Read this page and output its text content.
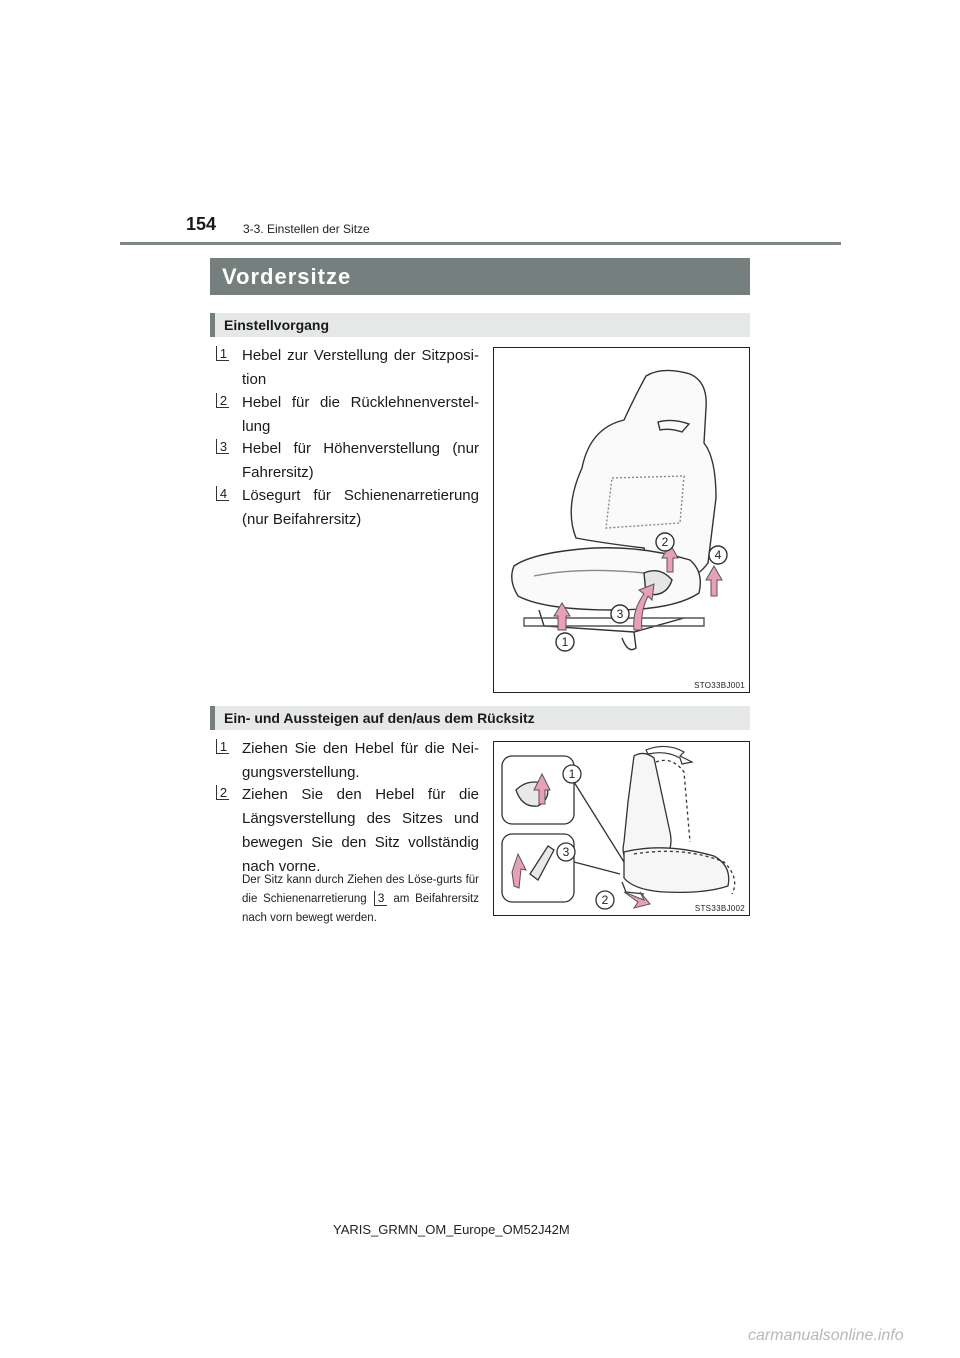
154 3-3. Einstellen der Sitze
Vordersitze
Einstellvorgang
1 Hebel zur Verstellung der Sitzposi-tion
2 Hebel für die Rücklehnenverstel-lung
3 Hebel für Höhenverstellung (nur Fahrersitz)
4 Lösegurt für Schienenarretierung (nur Beifahrersitz)
1
2
3
4
STO33BJ001
Ein- und Aussteigen auf den/aus dem Rücksitz
1 Ziehen Sie den Hebel für die Nei-gungsverstellung.
2 Ziehen Sie den Hebel für die Längsverstellung des Sitzes und bewegen Sie den Sitz vollständig nach vorne.
Der Sitz kann durch Ziehen des Löse-gurts für die Schienenarretierung 3 am Beifahrersitz nach vorn bewegt werden.
1
2
3
STS33BJ002
YARIS_GRMN_OM_Europe_OM52J42M
carmanualsonline.info
